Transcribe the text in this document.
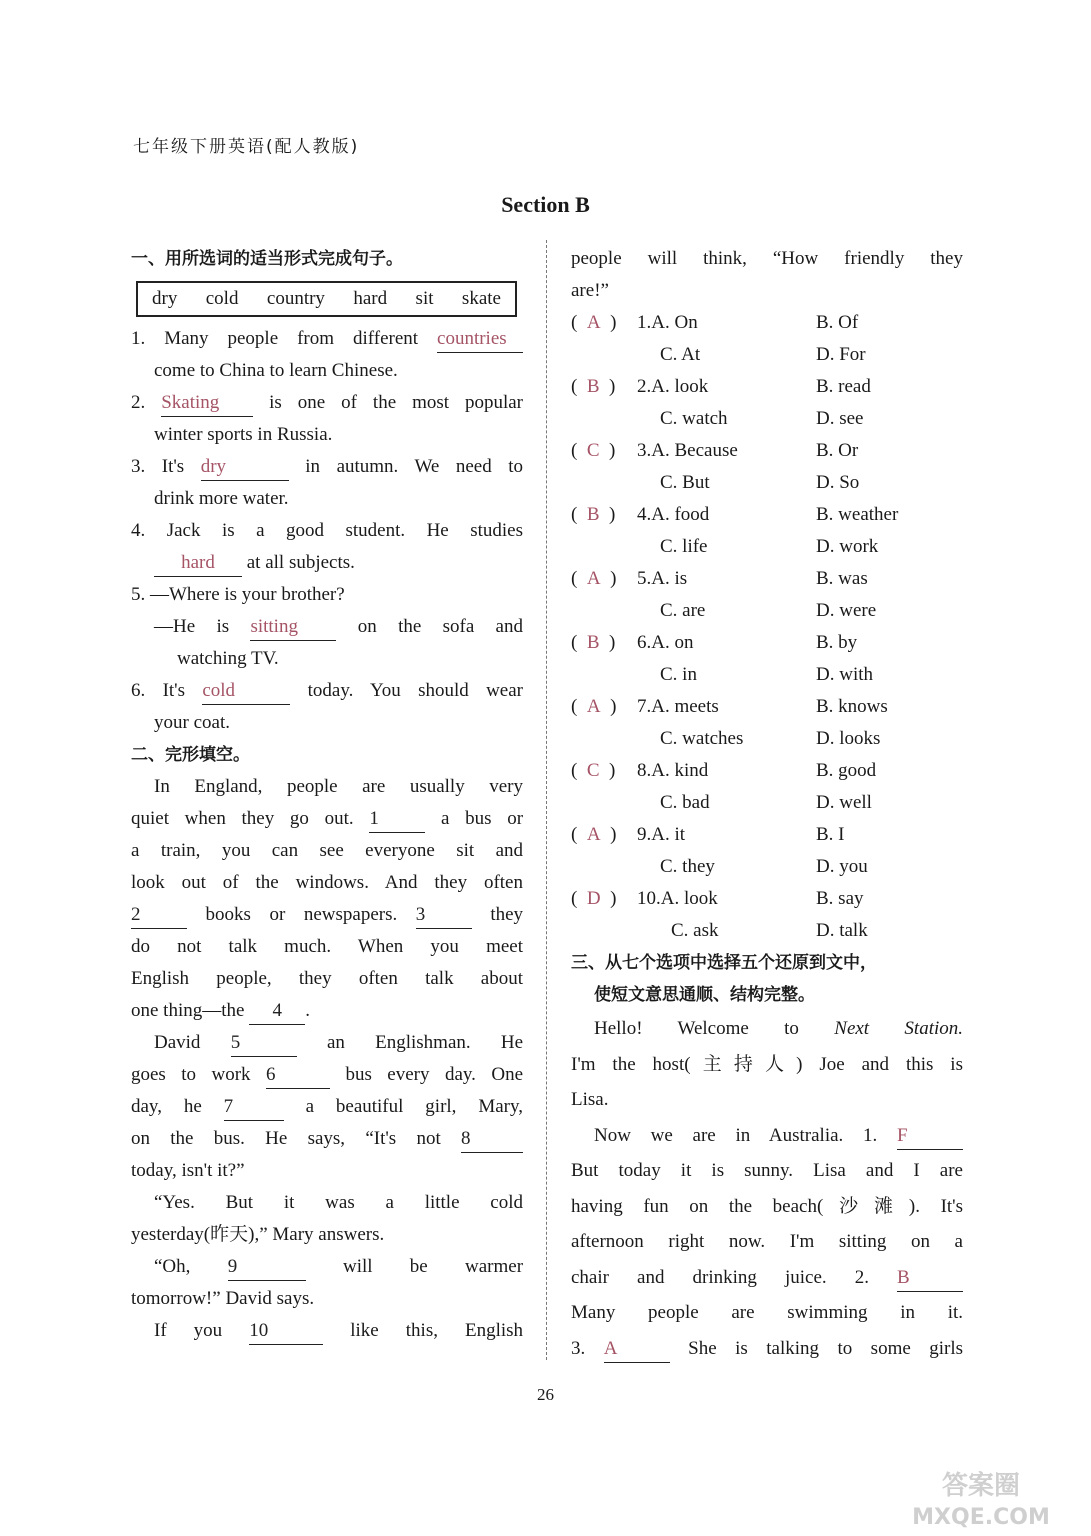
七年级下册英语(配人教版)
Section B
一、用所选词的适当形式完成句子。
dry cold country hard sit skate
1. Many people from different countries
come to China to learn Chinese.
2. Skating	is one of the most popular
winter sports in Russia.
3. It's dry	in autumn. We need to
drink more water.
4. Jack is a good student. He studies
hard at all subjects.
5. —Where is your brother?
—He is sitting	on the sofa and
watching TV.
6. It's cold	today. You should wear
your coat.
二、完形填空。
In England, people are usually very
quiet when they go out. 1	a bus or
a train, you can see everyone sit and
look out of the windows. And they often
2	books or newspapers. 3	they
do not talk much. When you meet
English people, they often talk about
one thing—the 4 .
David 5	an Englishman. He
goes to work 6	bus every day. One
day, he 7	a beautiful girl, Mary,
on the bus. He says, “It's not 8
today, isn't it?”
“Yes. But it was a little cold
yesterday(昨天),” Mary answers.
“Oh, 9	will be warmer
tomorrow!” David says.
If you 10	like this, English
people will think, “How friendly they
are!”
(  A  ) 1.A. On	B. Of
C. At	D. For
(  B  ) 2.A. look	B. read
C. watch	D. see
(  C  ) 3.A. Because	B. Or
C. But	D. So
(  B  ) 4.A. food	B. weather
C. life	D. work
(  A  ) 5.A. is	B. was
C. are	D. were
(  B  ) 6.A. on	B. by
C. in	D. with
(  A  ) 7.A. meets	B. knows
C. watches	D. looks
(  C  ) 8.A. kind	B. good
C. bad	D. well
(  A  ) 9.A. it	B. I
C. they	D. you
(  D  ) 10.A. look	B. say
C. ask	D. talk
三、从七个选项中选择五个还原到文中，
使短文意思通顺、结构完整。
Hello! Welcome to Next Station.
I'm the host(主持人) Joe and this is
Lisa.
Now we are in Australia. 1. F
But today it is sunny. Lisa and I are
having fun on the beach(沙滩). It's
afternoon right now. I'm sitting on a
chair and drinking juice. 2. B
Many people are swimming in it.
3. A	She is talking to some girls
26
答案圈
MXQE.COM
